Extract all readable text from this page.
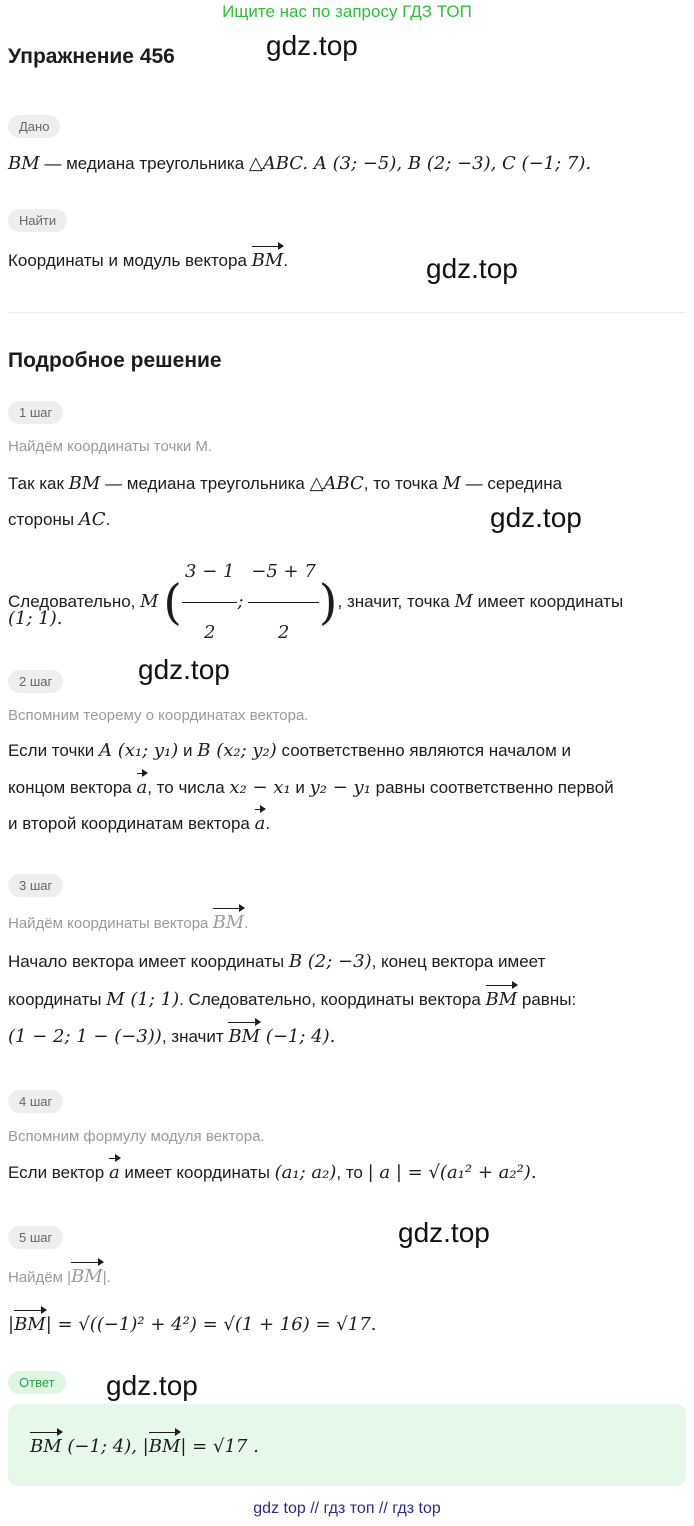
Ищите нас по запросу ГДЗ ТОП
Упражнение 456	gdz.top
gdz.top
gdz.top
gdz.top
gdz.top
gdz.top
Дано
BM — медиана треугольника △ABC. A (3; −5), B (2; −3), C (−1; 7).
Найти
Координаты и модуль вектора BM.
Подробное решение
1 шаг
Найдём координаты точки M.
Так как BM — медиана треугольника △ABC, то точка M — середина
стороны AC.
Следовательно, M ( $\frac{3 - 1}{2}$ ; $\frac{-5 + 7}{2}$ ), значит, точка M имеет координаты
(1; 1).
2 шаг
Вспомним теорему о координатах вектора.
Если точки A (x₁; y₁) и B (x₂; y₂) соответственно являются началом и
концом вектора a, то числа x₂ − x₁ и y₂ − y₁ равны соответственно первой
и второй координатам вектора a.
3 шаг
Найдём координаты вектора BM.
Начало вектора имеет координаты B (2; −3), конец вектора имеет
координаты M (1; 1). Следовательно, координаты вектора BM равны:
(1 − 2; 1 − (−3)), значит BM (−1; 4).
4 шаг
Вспомним формулу модуля вектора.
Если вектор a имеет координаты (a₁; a₂), то | a | = √(a₁² + a₂²).
5 шаг
Найдём |BM|.
|BM| = √((−1)² + 4²) = √(1 + 16) = √17.
Ответ
BM (−1; 4), |BM| = √17 .
gdz top // гдз топ // гдз top
